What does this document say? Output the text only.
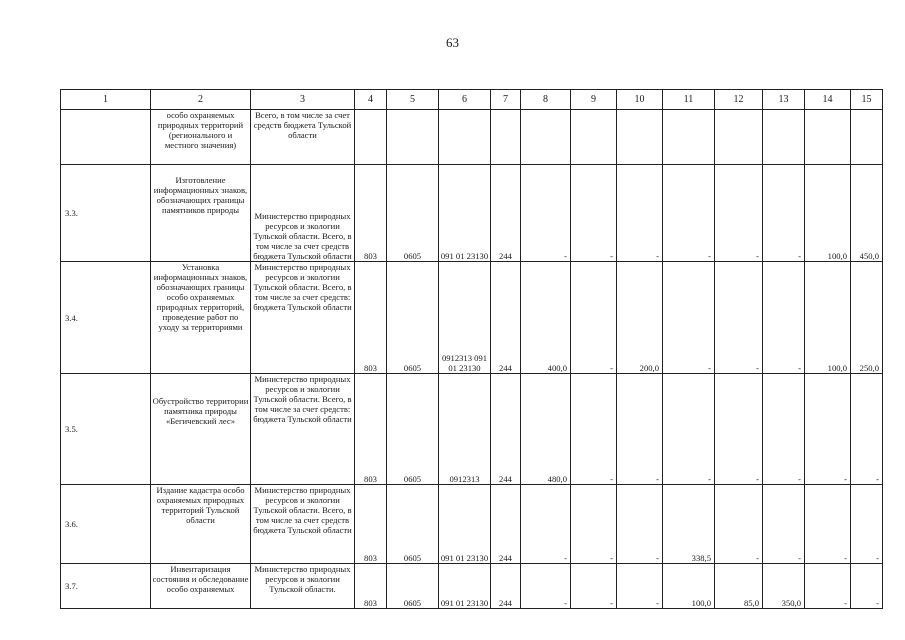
63
1	2	3	4	5	6	7	8	9	10	11	12	13	14	15
	особо охраняемых природных территорий (регионального и местного значения)	Всего, в том числе за счет средств бюджета Тульской области												
3.3.	Изготовление информационных знаков, обозначающих границы памятников природы	Министерство природных ресурсов и экологии Тульской области. Всего, в том числе за счет средств бюджета Тульской области	803	0605	091 01 23130	244	-	-	-	-	-	-	100,0	450,0
3.4.	Установка информационных знаков, обозначающих границы особо охраняемых природных территорий, проведение работ по уходу за территориями	Министерство природных ресурсов и экологии Тульской области. Всего, в том числе за счет средств: бюджета Тульской области	803	0605	0912313 091 01 23130	244	400,0	-	200,0	-	-	-	100,0	250,0
3.5.	Обустройство территории памятника природы «Бегичевский лес»	Министерство природных ресурсов и экологии Тульской области. Всего, в том числе за счет средств: бюджета Тульской области	803	0605	0912313	244	480,0	-	-	-	-	-	-	-
3.6.	Издание кадастра особо охраняемых природных территорий Тульской области	Министерство природных ресурсов и экологии Тульской области. Всего, в том числе за счет средств бюджета Тульской области	803	0605	091 01 23130	244	-	-	-	338,5	-	-	-	-
3.7.	Инвентаризация состояния и обследование особо охраняемых	Министерство природных ресурсов и экологии Тульской области.	803	0605	091 01 23130	244	-	-	-	100,0	85,0	350,0	-	-
